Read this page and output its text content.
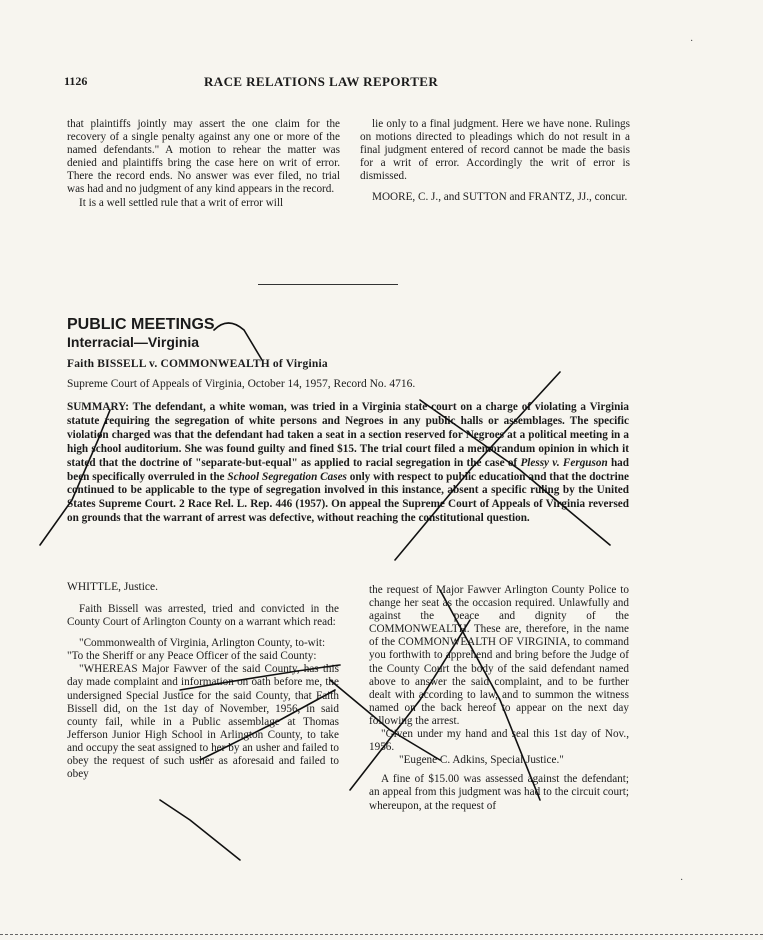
1126	RACE RELATIONS LAW REPORTER

that plaintiffs jointly may assert the one claim for the recovery of a single penalty against any one or more of the named defendants." A motion to rehear the matter was denied and plaintiffs bring the case here on writ of error. There the record ends. No answer was ever filed, no trial was had and no judgment of any kind appears in the record.

It is a well settled rule that a writ of error will

lie only to a final judgment. Here we have none. Rulings on motions directed to pleadings which do not result in a final judgment entered of record cannot be made the basis for a writ of error. Accordingly the writ of error is dismissed.

MOORE, C. J., and SUTTON and FRANTZ, JJ., concur.

PUBLIC MEETINGS
Interracial—Virginia
Faith BISSELL v. COMMONWEALTH of Virginia
Supreme Court of Appeals of Virginia, October 14, 1957, Record No. 4716.

SUMMARY: The defendant, a white woman, was tried in a Virginia state court on a charge of violating a Virginia statute requiring the segregation of white persons and Negroes in any public halls or assemblages. The specific violation charged was that the defendant had taken a seat in a section reserved for Negroes at a political meeting in a high school auditorium. She was found guilty and fined $15. The trial court filed a memorandum opinion in which it stated that the doctrine of "separate-but-equal" as applied to racial segregation in the case of Plessy v. Ferguson had been specifically overruled in the School Segregation Cases only with respect to public education and that the doctrine continued to be applicable to the type of segregation involved in this instance, absent a specific ruling by the United States Supreme Court. 2 Race Rel. L. Rep. 446 (1957). On appeal the Supreme Court of Appeals of Virginia reversed on grounds that the warrant of arrest was defective, without reaching the constitutional question.

WHITTLE, Justice.

Faith Bissell was arrested, tried and convicted in the County Court of Arlington County on a warrant which read:

"Commonwealth of Virginia, Arlington County, to-wit:

"To the Sheriff or any Peace Officer of the said County:

"WHEREAS Major Fawver of the said County, has this day made complaint and information on oath before me, the undersigned Special Justice for the said County, that Faith Bissell did, on the 1st day of November, 1956, in said county fail, while in a Public assemblage at Thomas Jefferson Junior High School in Arlington County, to take and occupy the seat assigned to her by an usher and failed to obey the request of such usher as aforesaid and failed to obey

the request of Major Fawver Arlington County Police to change her seat as the occasion required. Unlawfully and against the peace and dignity of the COMMONWEALTH. These are, therefore, in the name of the COMMONWEALTH OF VIRGINIA, to command you forthwith to apprehend and bring before the Judge of the County Court the body of the said defendant named above to answer the said complaint, and to be further dealt with according to law, and to summon the witness named on the back hereof to appear on the next day following the arrest.

"Given under my hand and seal this 1st day of Nov., 1956.

"Eugene C. Adkins, Special Justice."

A fine of $15.00 was assessed against the defendant; an appeal from this judgment was had to the circuit court; whereupon, at the request of

·
·
